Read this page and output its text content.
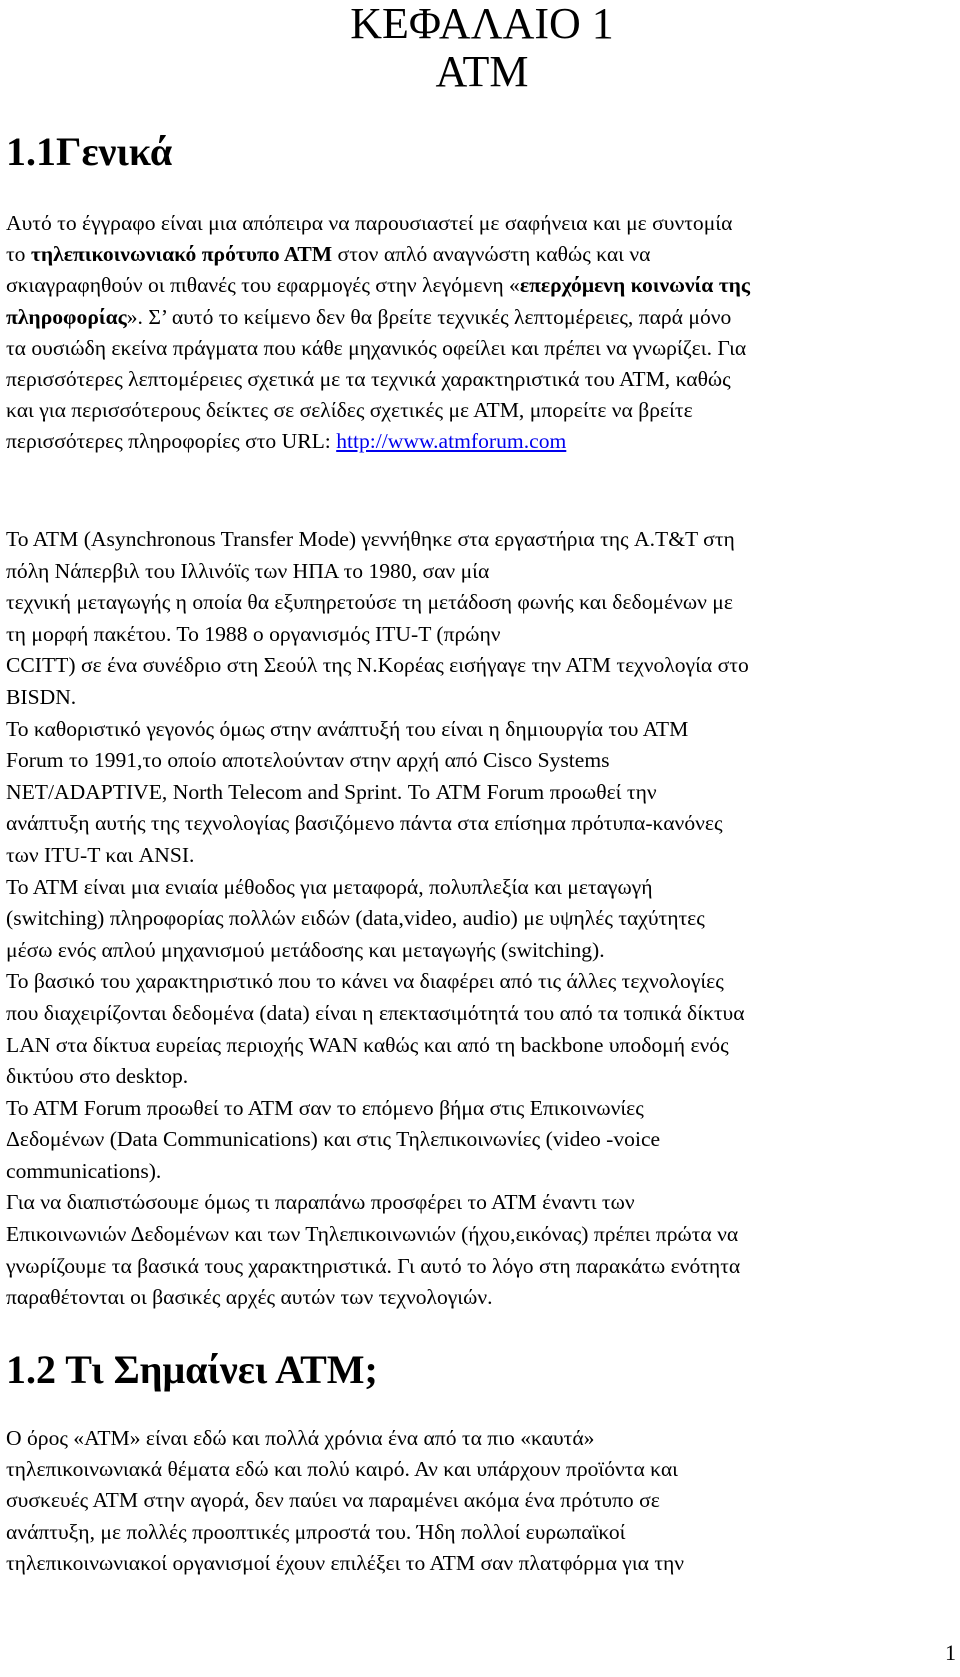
ΚΕΦΑΛΑΙΟ 1
ΑΤΜ
1.1Γενικά

Αυτό το έγγραφο είναι μια απόπειρα να παρουσιαστεί με σαφήνεια και με συντομία
το τηλεπικοινωνιακό πρότυπο ΑΤΜ στον απλό αναγνώστη καθώς και να
σκιαγραφηθούν οι πιθανές του εφαρμογές στην λεγόμενη «επερχόμενη κοινωνία της
πληροφορίας». Σ’ αυτό το κείμενο δεν θα βρείτε τεχνικές λεπτομέρειες, παρά μόνο
τα ουσιώδη εκείνα πράγματα που κάθε μηχανικός οφείλει και πρέπει να γνωρίζει. Για
περισσότερες λεπτομέρειες σχετικά με τα τεχνικά χαρακτηριστικά του ΑΤΜ, καθώς
και για περισσότερους δείκτες σε σελίδες σχετικές με ΑΤΜ, μπορείτε να βρείτε
περισσότερες πληροφορίες στο URL: http://www.atmforum.com

Το ΑΤΜ (Asynchronous Transfer Mode) γεννήθηκε στα εργαστήρια της A.T&T στη
πόλη Νάπερβιλ του Ιλλινόϊς των ΗΠΑ το 1980, σαν μία
τεχνική μεταγωγής η οποία θα εξυπηρετούσε τη μετάδοση φωνής και δεδομένων με
τη μορφή πακέτου. Το 1988 ο οργανισμός ITU-T (πρώην
CCITT) σε ένα συνέδριο στη Σεούλ της Ν.Κορέας εισήγαγε την ΑΤΜ τεχνολογία στο
BISDN.
Το καθοριστικό γεγονός όμως στην ανάπτυξή του είναι η δημιουργία του ΑΤΜ
Forum το 1991,το οποίο αποτελούνταν στην αρχή από Cisco Systems
NET/ADAPTIVE, North Telecom and Sprint. Το ATM Forum προωθεί την
ανάπτυξη αυτής της τεχνολογίας βασιζόμενο πάντα στα επίσημα πρότυπα-κανόνες
των ITU-T και ANSI.
Το ΑΤΜ είναι μια ενιαία μέθοδος για μεταφορά, πολυπλεξία και μεταγωγή
(switching) πληροφορίας πολλών ειδών (data,video, audio) με υψηλές ταχύτητες
μέσω ενός απλού μηχανισμού μετάδοσης και μεταγωγής (switching).
Το βασικό του χαρακτηριστικό που το κάνει να διαφέρει από τις άλλες τεχνολογίες
που διαχειρίζονται δεδομένα (data) είναι η επεκτασιμότητά του από τα τοπικά δίκτυα
LAN στα δίκτυα ευρείας περιοχής WAN καθώς και από τη backbone υποδομή ενός
δικτύου στο desktop.
Το ΑΤΜ Forum προωθεί το ΑΤΜ σαν το επόμενο βήμα στις Επικοινωνίες
Δεδομένων (Data Communications) και στις Τηλεπικοινωνίες (video -voice
communications).
Για να διαπιστώσουμε όμως τι παραπάνω προσφέρει το ΑΤΜ έναντι των
Επικοινωνιών Δεδομένων και των Τηλεπικοινωνιών (ήχου,εικόνας) πρέπει πρώτα να
γνωρίζουμε τα βασικά τους χαρακτηριστικά. Γι αυτό το λόγο στη παρακάτω ενότητα
παραθέτονται οι βασικές αρχές αυτών των τεχνολογιών.

1.2 Τι Σημαίνει ΑΤΜ;

Ο όρος «ΑΤΜ» είναι εδώ και πολλά χρόνια ένα από τα πιο «καυτά»
τηλεπικοινωνιακά θέματα εδώ και πολύ καιρό. Αν και υπάρχουν προϊόντα και
συσκευές ΑΤΜ στην αγορά, δεν παύει να παραμένει ακόμα ένα πρότυπο σε
ανάπτυξη, με πολλές προοπτικές μπροστά του. Ήδη πολλοί ευρωπαϊκοί
τηλεπικοινωνιακοί οργανισμοί έχουν επιλέξει το ΑΤΜ σαν πλατφόρμα για την

1
